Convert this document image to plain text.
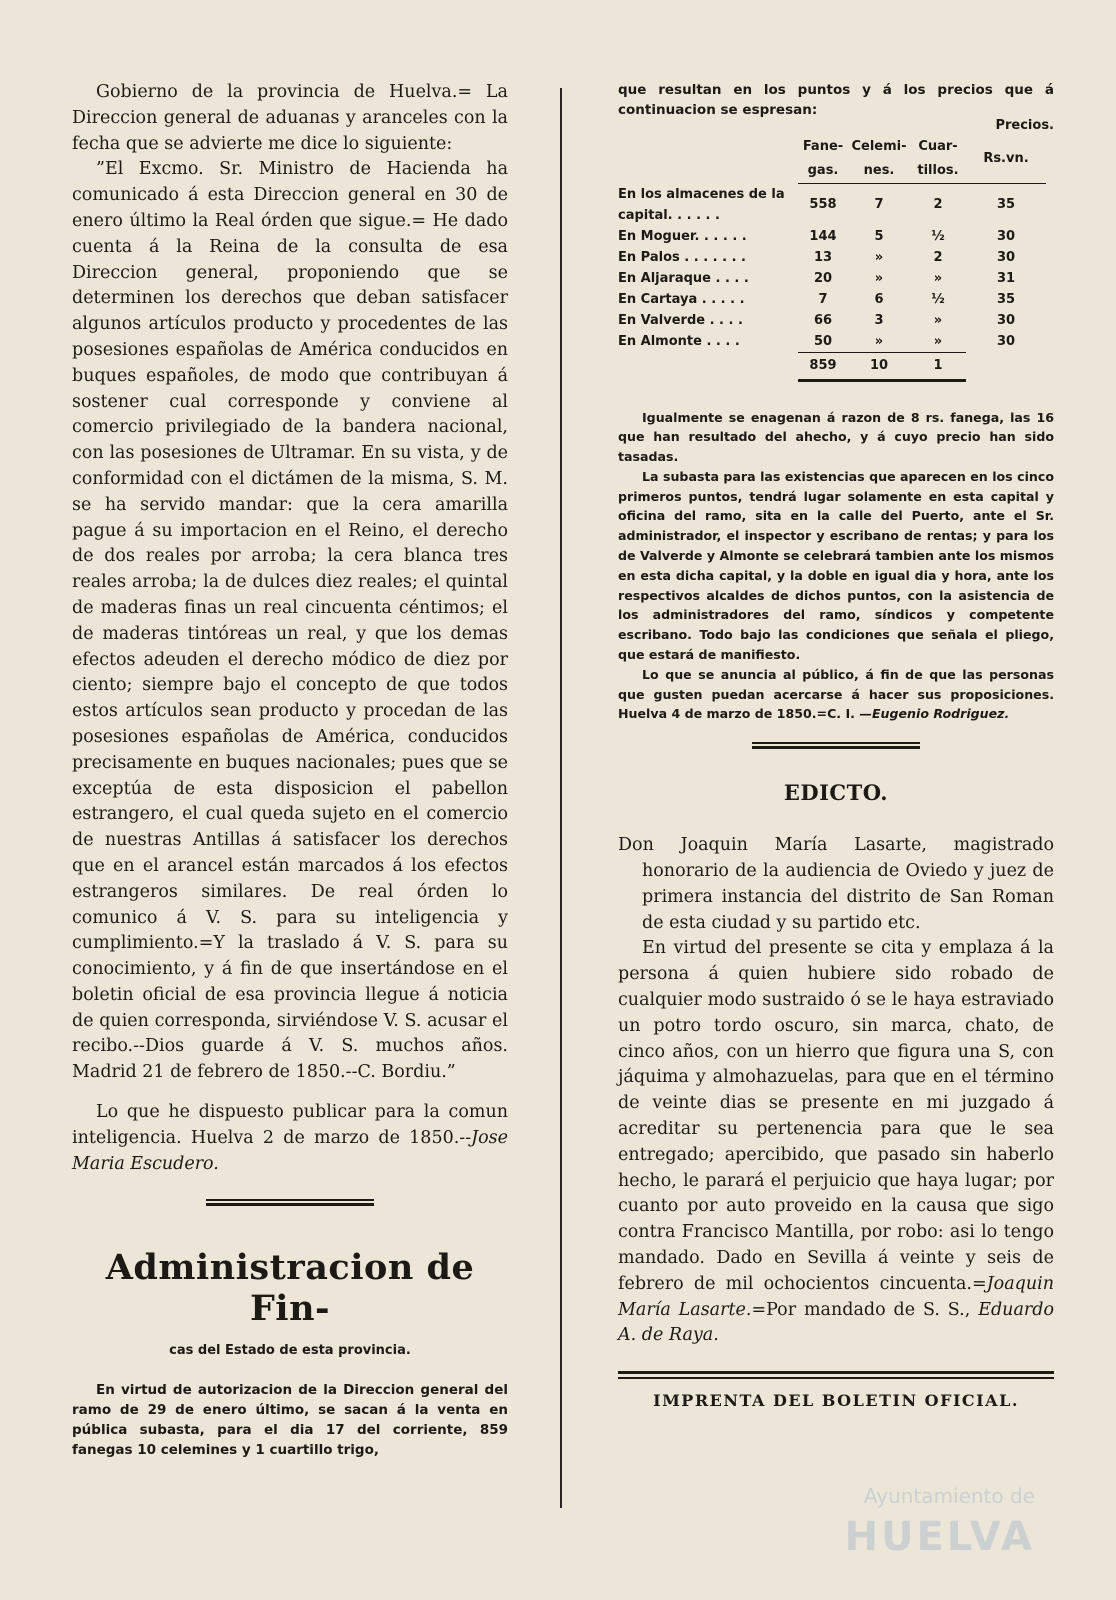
Gobierno de la provincia de Huelva.= La Direccion general de aduanas y aranceles con la fecha que se advierte me dice lo siguiente:

”El Excmo. Sr. Ministro de Hacienda ha comunicado á esta Direccion general en 30 de enero último la Real órden que sigue.= He dado cuenta á la Reina de la consulta de esa Direccion general, proponiendo que se determinen los derechos que deban satisfacer algunos artículos producto y procedentes de las posesiones españolas de América conducidos en buques españoles, de modo que contribuyan á sostener cual corresponde y conviene al comercio privilegiado de la bandera nacional, con las posesiones de Ultramar. En su vista, y de conformidad con el dictámen de la misma, S. M. se ha servido mandar: que la cera amarilla pague á su importacion en el Reino, el derecho de dos reales por arroba; la cera blanca tres reales arroba; la de dulces diez reales; el quintal de maderas finas un real cincuenta céntimos; el de maderas tintóreas un real, y que los demas efectos adeuden el derecho módico de diez por ciento; siempre bajo el concepto de que todos estos artículos sean producto y procedan de las posesiones españolas de América, conducidos precisamente en buques nacionales; pues que se exceptúa de esta disposicion el pabellon estrangero, el cual queda sujeto en el comercio de nuestras Antillas á satisfacer los derechos que en el arancel están marcados á los efectos estrangeros similares. De real órden lo comunico á V. S. para su inteligencia y cumplimiento.=Y la traslado á V. S. para su conocimiento, y á fin de que insertándose en el boletin oficial de esa provincia llegue á noticia de quien corresponda, sirviéndose V. S. acusar el recibo.--Dios guarde á V. S. muchos años. Madrid 21 de febrero de 1850.--C. Bordiu.”

Lo que he dispuesto publicar para la comun inteligencia. Huelva 2 de marzo de 1850.--Jose Maria Escudero.

Administracion de Fin-
cas del Estado de esta provincia.

En virtud de autorizacion de la Direccion general del ramo de 29 de enero último, se sacan á la venta en pública subasta, para el dia 17 del corriente, 859 fanegas 10 celemines y 1 cuartillo trigo,

que resultan en los puntos y á los precios que á continuacion se espresan:

Precios.
	Fane- gas.	Celemi- nes.	Cuar- tillos.	Rs.vn.
En los almacenes de la capital. . . . . .	558	7	2	35
En Moguer. . . . . .	144	5	½	30
En Palos . . . . . . .	13	»	2	30
En Aljaraque . . . .	20	»	»	31
En Cartaya . . . . .	7	6	½	35
En Valverde . . . .	66	3	»	30
En Almonte . . . .	50	»	»	30
	859	10	1	

Igualmente se enagenan á razon de 8 rs. fanega, las 16 que han resultado del ahecho, y á cuyo precio han sido tasadas.

La subasta para las existencias que aparecen en los cinco primeros puntos, tendrá lugar solamente en esta capital y oficina del ramo, sita en la calle del Puerto, ante el Sr. administrador, el inspector y escribano de rentas; y para los de Valverde y Almonte se celebrará tambien ante los mismos en esta dicha capital, y la doble en igual dia y hora, ante los respectivos alcaldes de dichos puntos, con la asistencia de los administradores del ramo, síndicos y competente escribano. Todo bajo las condiciones que señala el pliego, que estará de manifiesto.

Lo que se anuncia al público, á fin de que las personas que gusten puedan acercarse á hacer sus proposiciones. Huelva 4 de marzo de 1850.=C. I. —Eugenio Rodriguez.

EDICTO.

Don Joaquin María Lasarte, magistrado honorario de la audiencia de Oviedo y juez de primera instancia del distrito de San Roman de esta ciudad y su partido etc.

En virtud del presente se cita y emplaza á la persona á quien hubiere sido robado de cualquier modo sustraido ó se le haya estraviado un potro tordo oscuro, sin marca, chato, de cinco años, con un hierro que figura una S, con jáquima y almohazuelas, para que en el término de veinte dias se presente en mi juzgado á acreditar su pertenencia para que le sea entregado; apercibido, que pasado sin haberlo hecho, le parará el perjuicio que haya lugar; por cuanto por auto proveido en la causa que sigo contra Francisco Mantilla, por robo: asi lo tengo mandado. Dado en Sevilla á veinte y seis de febrero de mil ochocientos cincuenta.=Joaquin María Lasarte.=Por mandado de S. S., Eduardo A. de Raya.

IMPRENTA DEL BOLETIN OFICIAL.
Ayuntamiento de
HUELVA
